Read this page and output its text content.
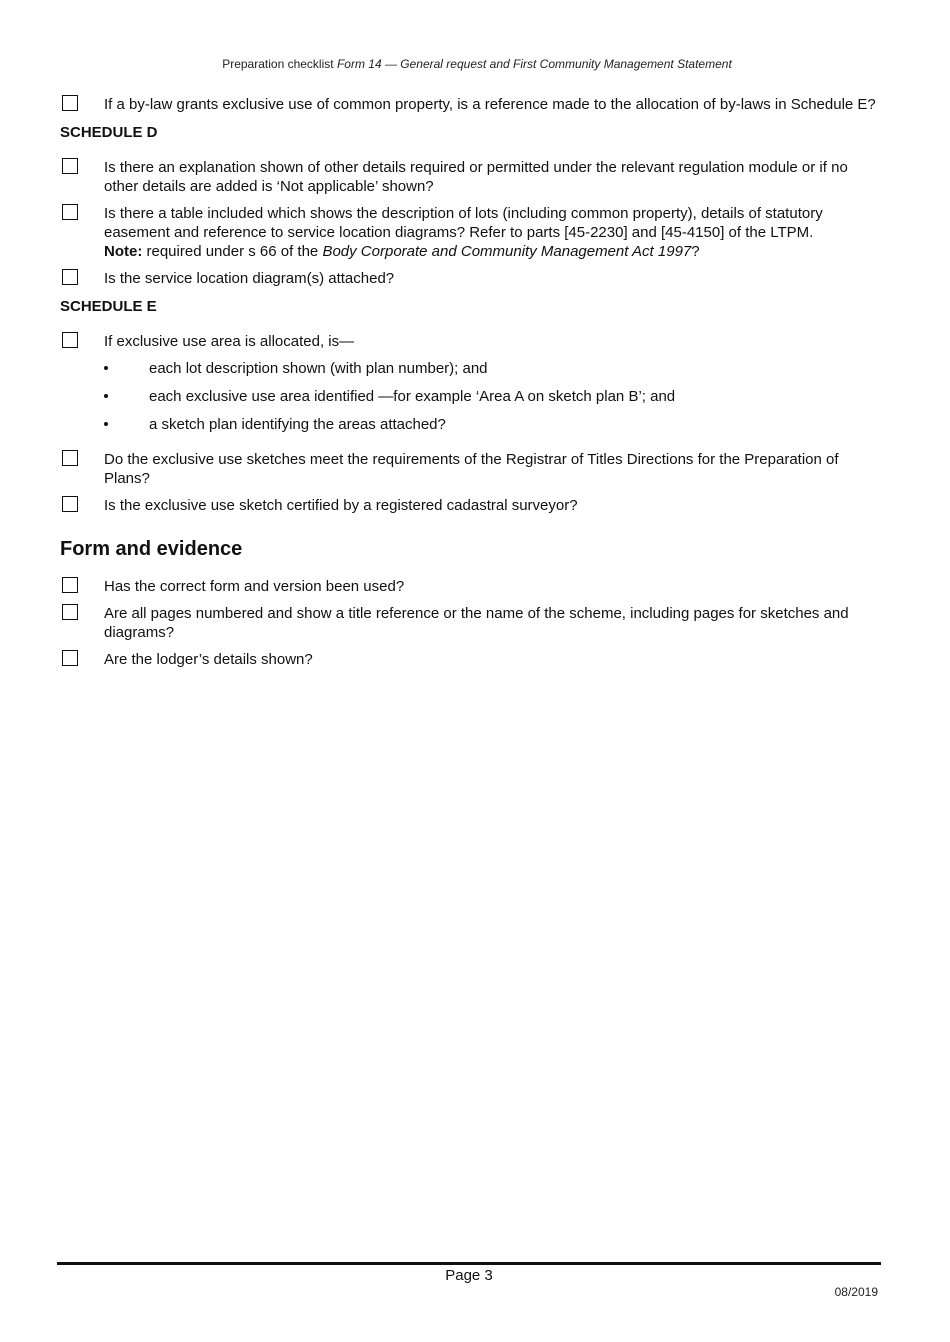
Preparation checklist Form 14 — General request and First Community Management Statement
If a by-law grants exclusive use of common property, is a reference made to the allocation of by-laws in Schedule E?
SCHEDULE D
Is there an explanation shown of other details required or permitted under the relevant regulation module or if no other details are added is ‘Not applicable’ shown?
Is there a table included which shows the description of lots (including common property), details of statutory easement and reference to service location diagrams? Refer to parts [45-2230] and [45-4150] of the LTPM.
Note: required under s 66 of the Body Corporate and Community Management Act 1997?
Is the service location diagram(s) attached?
SCHEDULE E
If exclusive use area is allocated, is—
each lot description shown (with plan number); and
each exclusive use area identified —for example ‘Area A on sketch plan B’; and
a sketch plan identifying the areas attached?
Do the exclusive use sketches meet the requirements of the Registrar of Titles Directions for the Preparation of Plans?
Is the exclusive use sketch certified by a registered cadastral surveyor?
Form and evidence
Has the correct form and version been used?
Are all pages numbered and show a title reference or the name of the scheme, including pages for sketches and diagrams?
Are the lodger’s details shown?
Page 3
08/2019
